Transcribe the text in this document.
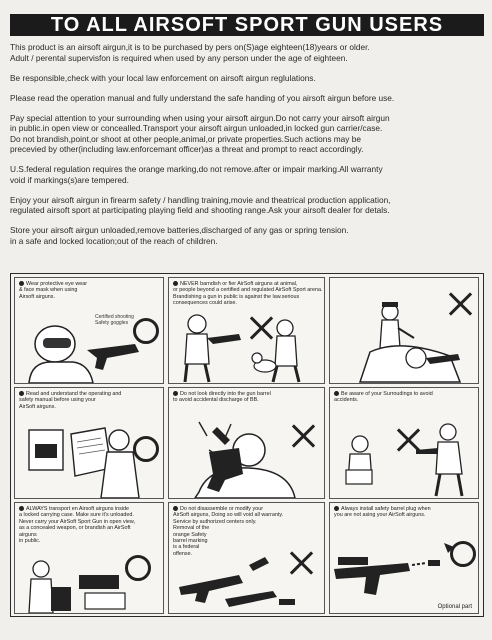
TO ALL AIRSOFT SPORT GUN USERS

This product is an airsoft airgun,it is to be purchased by pers on(S)age eighteen(18)years or older.
Adult / perental supervisfon is required when used by any person under the age of eighteen.

Be responsible,check with your local law enforcement on airsoft airgun reglulations.

Please read the operation manual and fully understand the safe handing of you airsoft airgun before use.

Pay special attention to your surrounding when using your airsoft airgun.Do not carry your airsoft airgun
in public.in open view or concealled.Transport your airsoft airgun unloaded,in locked gun carrier/case.
Do not brandish,point,or shoot at other people,animal,or private properties.Such actions may be
precevied by other(including law.enforcemant officer)as a threat and prompt to react accordingly.

U.S.federal regulation requires the orange marking,do not remove.after or impair marking.All warranty
void if markings(s)are tempered.

Enjoy your airsoft airgun in firearm safety / handling training,movie and theatrical production application,
regulated airsoft sport at participating playing field and shooting range.Ask your airsoft dealer for detals.

Store your airsoft airgun unloaded,remove batteries,discharged of any gas or spring tension.
in a safe and locked location;out of the reach of children.

Wear protective eye wear
& face mask when using
Airsoft airguns.
Certified shooting
Safety goggles
NEVER barndish or fier AirSoft airguns at animal,
or people beyond a certified and regulated AirSoft Sport arena.
Brandishing a gun in public is against the law.serious consequences could arise.
Read and understand the operating and
safety manual before using your
AirSoft airguns.
Do not look directly into the gun barrel
to avoid accidental discharge of BB.
Be aware of your Surroudings to avoid
accidents.
ALWAYS transport en Airsoft airguns inside
a locked carrying case. Make sure it's unloaded.
Never carry your AirSoft Sport Gun in open view,
as a concealed weapon, or brandish an AirSoft
airguns
in public.
Do not disassemble or modify your
AirSoft airguns, Doing so will void all warranty.
Service by authorized centers only.
Removal of the
orange Safety
barrel marking
is a federal
offense.
Always install safety barrel plug when
you are not asing your AirSoft airguns.
Optional part
